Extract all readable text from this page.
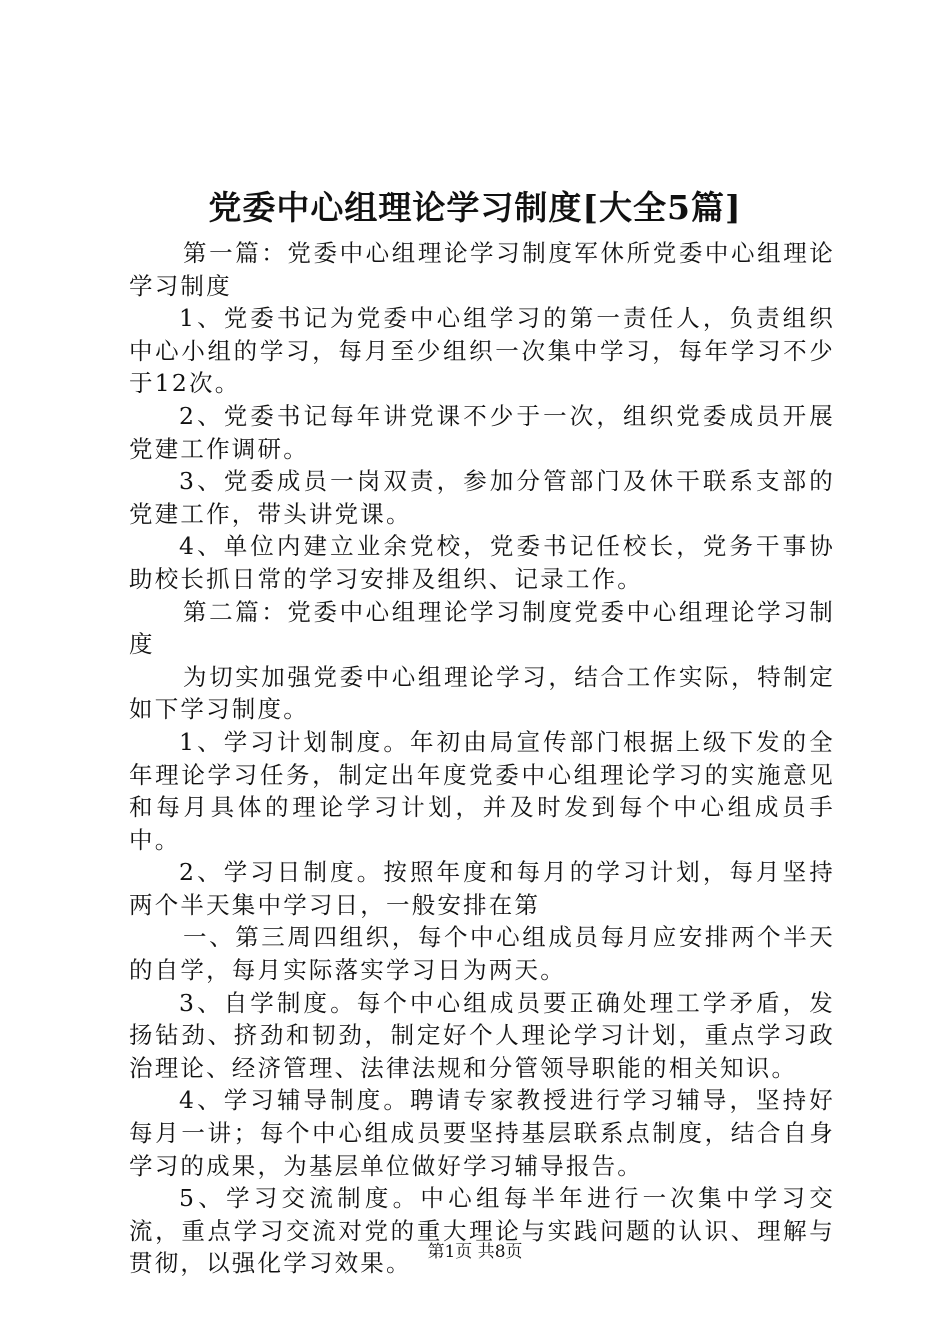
党委中心组理论学习制度[大全5篇]

第一篇：党委中心组理论学习制度军休所党委中心组理论学习制度

1、党委书记为党委中心组学习的第一责任人，负责组织中心小组的学习，每月至少组织一次集中学习，每年学习不少于12次。

2、党委书记每年讲党课不少于一次，组织党委成员开展党建工作调研。

3、党委成员一岗双责，参加分管部门及休干联系支部的党建工作，带头讲党课。

4、单位内建立业余党校，党委书记任校长，党务干事协助校长抓日常的学习安排及组织、记录工作。

第二篇：党委中心组理论学习制度党委中心组理论学习制度

为切实加强党委中心组理论学习，结合工作实际，特制定如下学习制度。

1、学习计划制度。年初由局宣传部门根据上级下发的全年理论学习任务，制定出年度党委中心组理论学习的实施意见和每月具体的理论学习计划，并及时发到每个中心组成员手中。

2、学习日制度。按照年度和每月的学习计划，每月坚持两个半天集中学习日，一般安排在第

一、第三周四组织，每个中心组成员每月应安排两个半天的自学，每月实际落实学习日为两天。

3、自学制度。每个中心组成员要正确处理工学矛盾，发扬钻劲、挤劲和韧劲，制定好个人理论学习计划，重点学习政治理论、经济管理、法律法规和分管领导职能的相关知识。

4、学习辅导制度。聘请专家教授进行学习辅导，坚持好每月一讲；每个中心组成员要坚持基层联系点制度，结合自身学习的成果，为基层单位做好学习辅导报告。

5、学习交流制度。中心组每半年进行一次集中学习交流，重点学习交流对党的重大理论与实践问题的认识、理解与贯彻，以强化学习效果。 第1页 共8页
